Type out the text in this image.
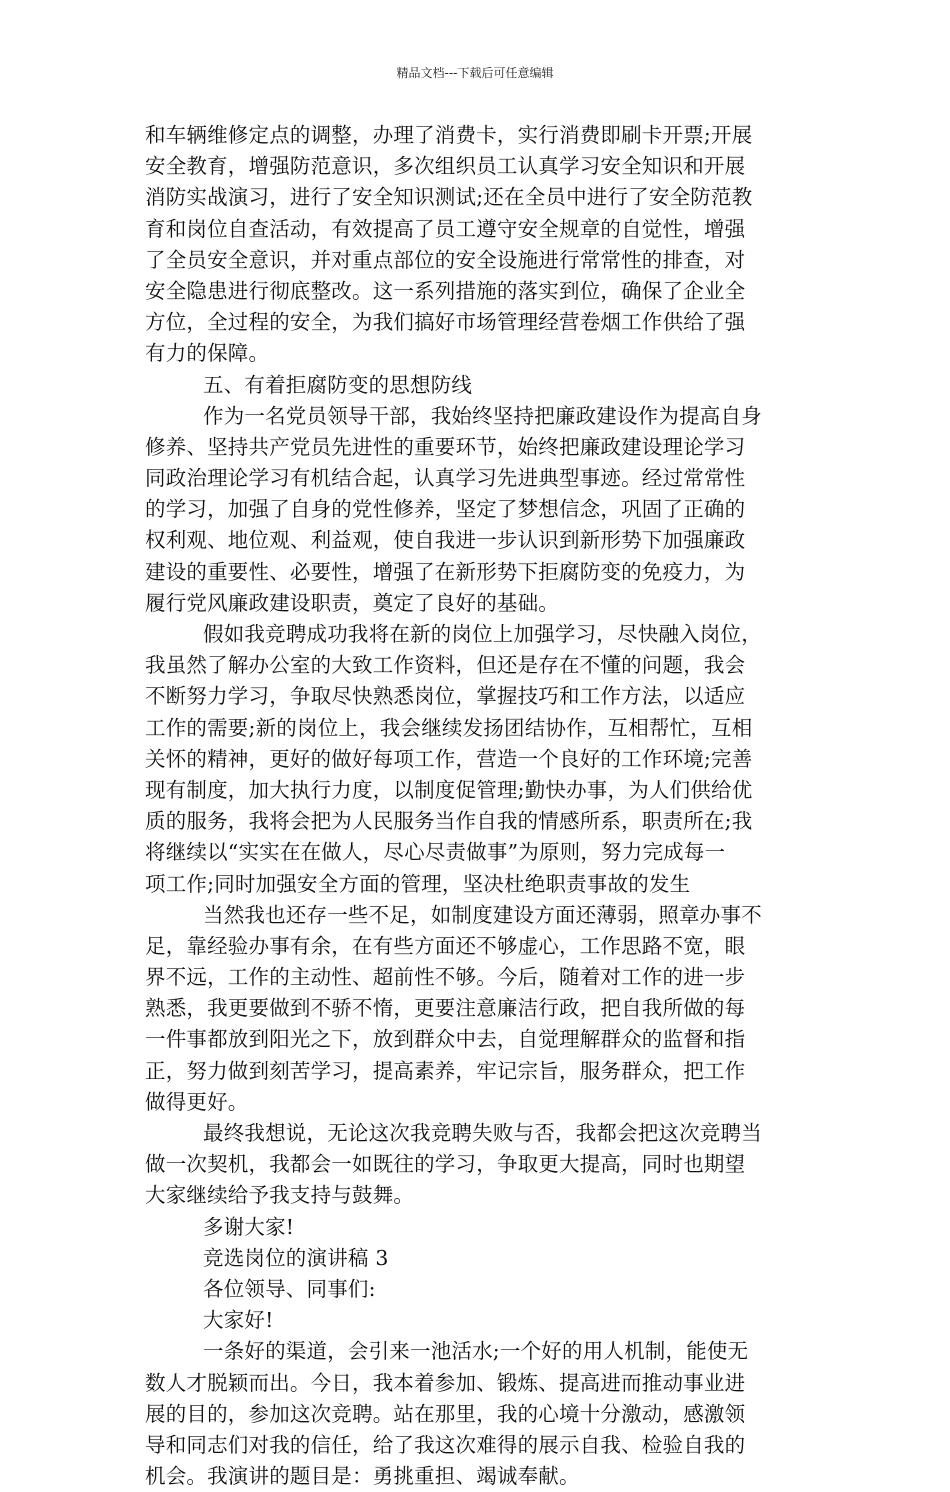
精品文档---下载后可任意编辑
和车辆维修定点的调整，办理了消费卡，实行消费即刷卡开票;开展
安全教育，增强防范意识，多次组织员工认真学习安全知识和开展
消防实战演习，进行了安全知识测试;还在全员中进行了安全防范教
育和岗位自查活动，有效提高了员工遵守安全规章的自觉性，增强
了全员安全意识，并对重点部位的安全设施进行常常性的排查，对
安全隐患进行彻底整改。这一系列措施的落实到位，确保了企业全
方位，全过程的安全，为我们搞好市场管理经营卷烟工作供给了强
有力的保障。
五、有着拒腐防变的思想防线
作为一名党员领导干部，我始终坚持把廉政建设作为提高自身
修养、坚持共产党员先进性的重要环节，始终把廉政建设理论学习
同政治理论学习有机结合起，认真学习先进典型事迹。经过常常性
的学习，加强了自身的党性修养，坚定了梦想信念，巩固了正确的
权利观、地位观、利益观，使自我进一步认识到新形势下加强廉政
建设的重要性、必要性，增强了在新形势下拒腐防变的免疫力，为
履行党风廉政建设职责，奠定了良好的基础。
假如我竞聘成功我将在新的岗位上加强学习，尽快融入岗位，
我虽然了解办公室的大致工作资料，但还是存在不懂的问题，我会
不断努力学习，争取尽快熟悉岗位，掌握技巧和工作方法，以适应
工作的需要;新的岗位上，我会继续发扬团结协作，互相帮忙，互相
关怀的精神，更好的做好每项工作，营造一个良好的工作环境;完善
现有制度，加大执行力度，以制度促管理;勤快办事，为人们供给优
质的服务，我将会把为人民服务当作自我的情感所系，职责所在;我
将继续以“实实在在做人，尽心尽责做事”为原则，努力完成每一
项工作;同时加强安全方面的管理，坚决杜绝职责事故的发生
当然我也还存一些不足，如制度建设方面还薄弱，照章办事不
足，靠经验办事有余，在有些方面还不够虚心，工作思路不宽，眼
界不远，工作的主动性、超前性不够。今后，随着对工作的进一步
熟悉，我更要做到不骄不惰，更要注意廉洁行政，把自我所做的每
一件事都放到阳光之下，放到群众中去，自觉理解群众的监督和指
正，努力做到刻苦学习，提高素养，牢记宗旨，服务群众，把工作
做得更好。
最终我想说，无论这次我竞聘失败与否，我都会把这次竞聘当
做一次契机，我都会一如既往的学习，争取更大提高，同时也期望
大家继续给予我支持与鼓舞。
多谢大家!
竞选岗位的演讲稿 3
各位领导、同事们:
大家好!
一条好的渠道，会引来一池活水;一个好的用人机制，能使无
数人才脱颖而出。今日，我本着参加、锻炼、提高进而推动事业进
展的目的，参加这次竞聘。站在那里，我的心境十分激动，感激领
导和同志们对我的信任，给了我这次难得的展示自我、检验自我的
机会。我演讲的题目是：勇挑重担、竭诚奉献。
